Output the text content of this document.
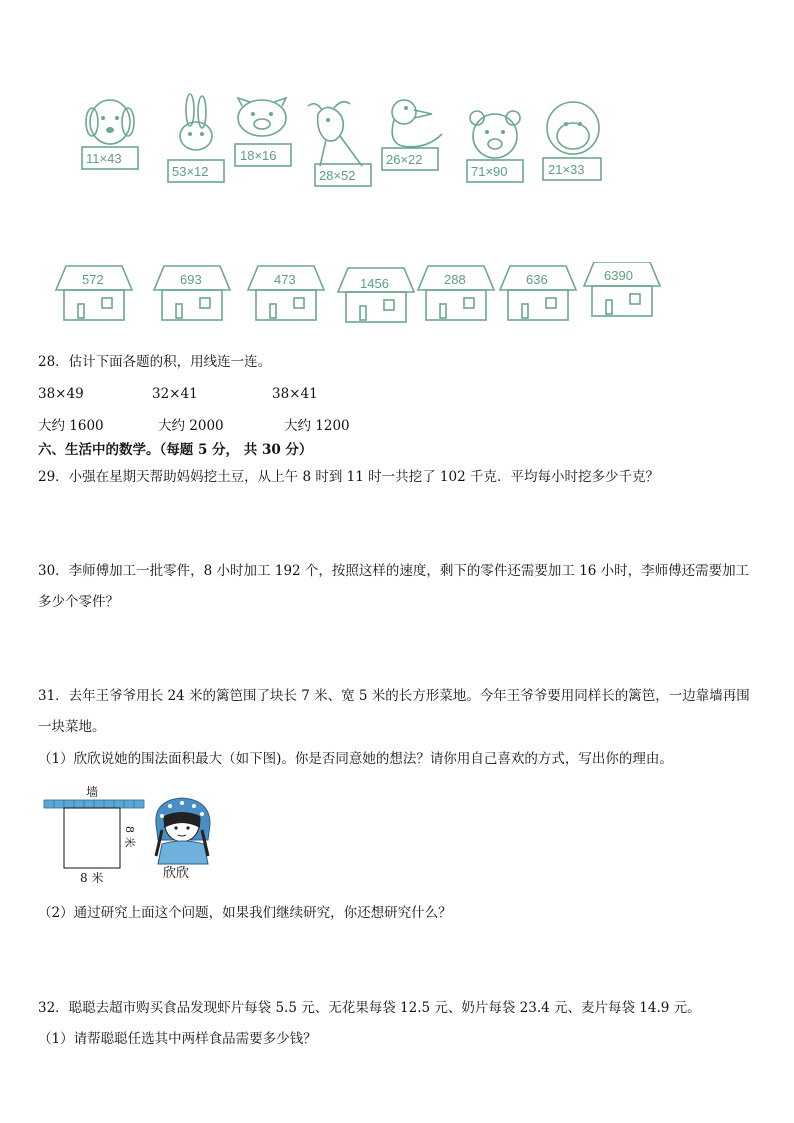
11×43
53×12
18×16
28×52
26×22
71×90	21×33
572	693	473	1456	288	636	6390
28．估计下面各题的积，用线连一连。
38×49	32×41	38×41
大约 1600	大约 2000	大约 1200
六、生活中的数学。（每题 5 分， 共 30 分）
29．小强在星期天帮助妈妈挖土豆，从上午 8 时到 11 时一共挖了 102 千克．平均每小时挖多少千克？
30．李师傅加工一批零件，8 小时加工 192 个，按照这样的速度，剩下的零件还需要加工 16 小时，李师傅还需要加工
多少个零件？
31．去年王爷爷用长 24 米的篱笆围了块长 7 米、宽 5 米的长方形菜地。今年王爷爷要用同样长的篱笆，一边靠墙再围
一块菜地。
（1）欣欣说她的围法面积最大（如下图)。你是否同意她的想法？请你用自己喜欢的方式，写出你的理由。
墙
8 米
8 米	欣欣
（2）通过研究上面这个问题，如果我们继续研究，你还想研究什么？
32．聪聪去超市购买食品发现虾片每袋 5.5 元、无花果每袋 12.5 元、奶片每袋 23.4 元、麦片每袋 14.9 元。
（1）请帮聪聪任选其中两样食品需要多少钱？
